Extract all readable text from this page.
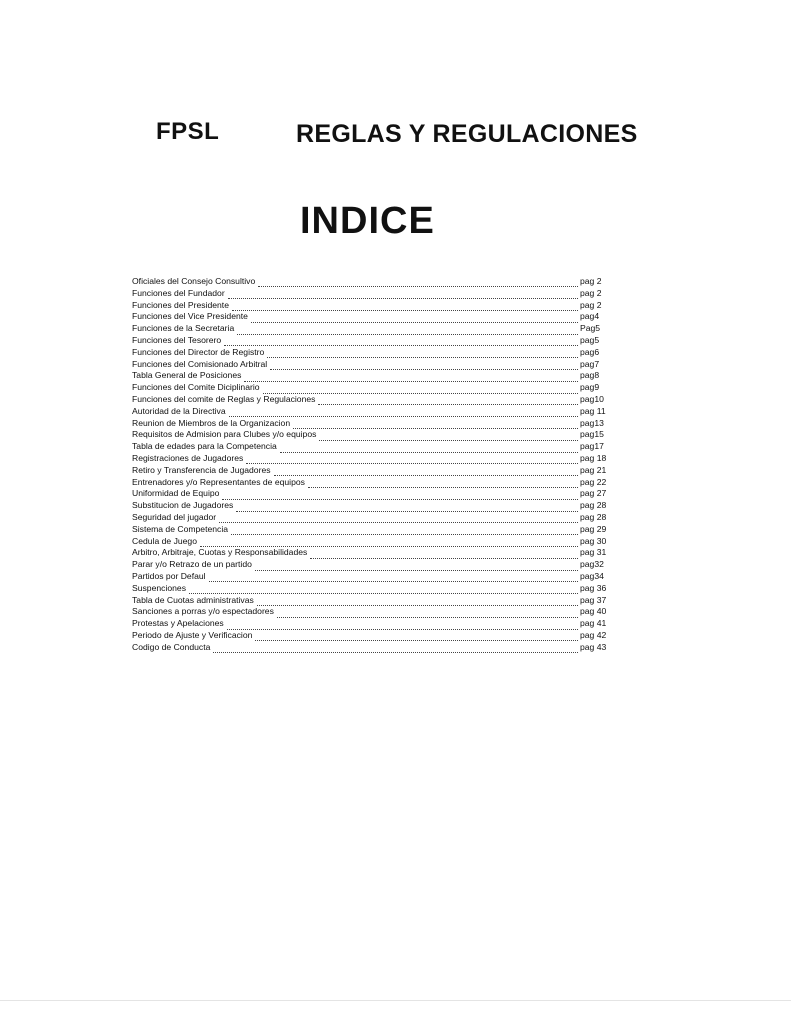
FPSL	REGLAS Y REGULACIONES
INDICE
Oficiales del Consejo Consultivo	pag 2
Funciones del Fundador	pag 2
Funciones del Presidente	pag 2
Funciones del Vice Presidente	pag4
Funciones de la Secretaria	Pag5
Funciones del Tesorero	pag5
Funciones del Director de Registro	pag6
Funciones del Comisionado Arbitral	pag7
Tabla General de Posiciones	pag8
Funciones del Comite Diciplinario	pag9
Funciones del comite de Reglas y Regulaciones	pag10
Autoridad de la Directiva	pag 11
Reunion de Miembros de la Organizacion	pag13
Requisitos de Admision para Clubes y/o equipos	pag15
Tabla de edades para la Competencia	pag17
Registraciones de Jugadores	pag 18
Retiro y Transferencia de Jugadores	pag 21
Entrenadores y/o Representantes de equipos	pag 22
Uniformidad de Equipo	pag 27
Substitucion de Jugadores	pag 28
Seguridad del jugador	pag 28
Sistema de Competencia	pag 29
Cedula de Juego	pag 30
Arbitro, Arbitraje, Cuotas y Responsabilidades	pag 31
Parar y/o Retrazo de un partido	pag32
Partidos por Defaul	pag34
Suspenciones	pag 36
Tabla de Cuotas administrativas	pag 37
Sanciones a porras y/o espectadores	pag 40
Protestas y Apelaciones	pag 41
Periodo de Ajuste y Verificacion	pag 42
Codigo de Conducta	pag 43
